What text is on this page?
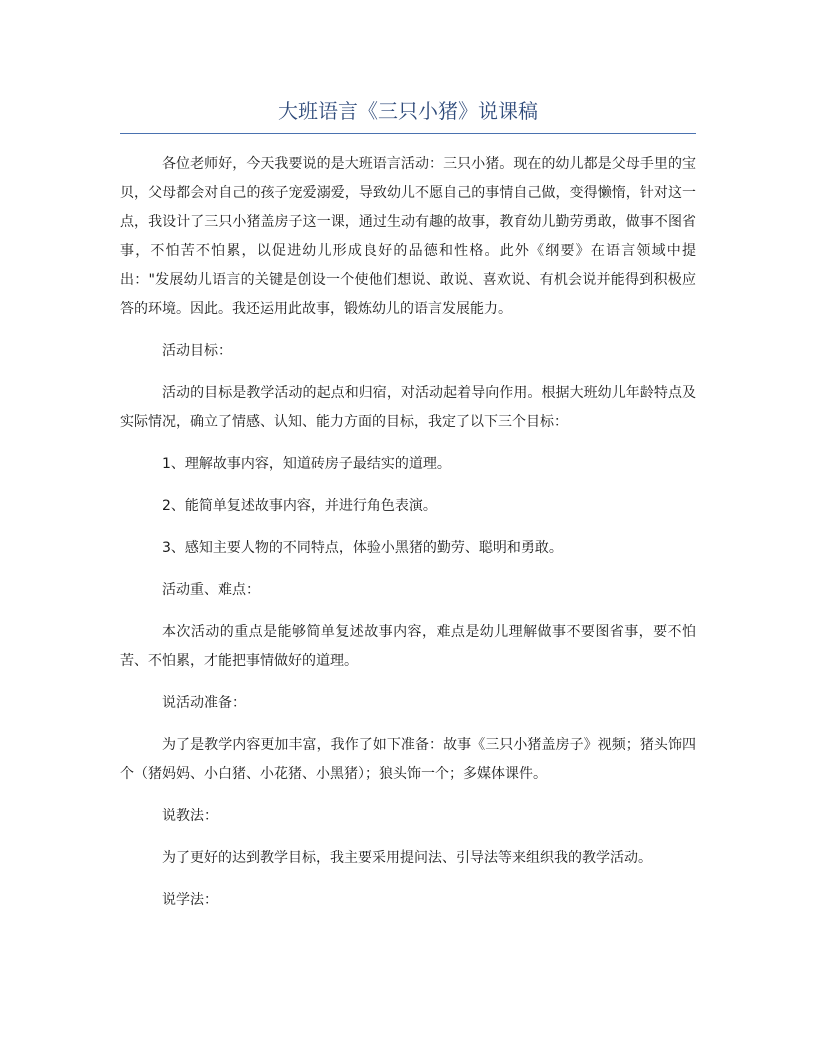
大班语言《三只小猪》说课稿

各位老师好，今天我要说的是大班语言活动：三只小猪。现在的幼儿都是父母手里的宝贝，父母都会对自己的孩子宠爱溺爱，导致幼儿不愿自己的事情自己做，变得懒惰，针对这一点，我设计了三只小猪盖房子这一课，通过生动有趣的故事，教育幼儿勤劳勇敢，做事不图省事，不怕苦不怕累，以促进幼儿形成良好的品德和性格。此外《纲要》在语言领域中提出："发展幼儿语言的关键是创设一个使他们想说、敢说、喜欢说、有机会说并能得到积极应答的环境。因此。我还运用此故事，锻炼幼儿的语言发展能力。

活动目标：

活动的目标是教学活动的起点和归宿，对活动起着导向作用。根据大班幼儿年龄特点及实际情况，确立了情感、认知、能力方面的目标，我定了以下三个目标：

1、理解故事内容，知道砖房子最结实的道理。

2、能简单复述故事内容，并进行角色表演。

3、感知主要人物的不同特点，体验小黑猪的勤劳、聪明和勇敢。

活动重、难点：

本次活动的重点是能够简单复述故事内容，难点是幼儿理解做事不要图省事，要不怕苦、不怕累，才能把事情做好的道理。

说活动准备：

为了是教学内容更加丰富，我作了如下准备：故事《三只小猪盖房子》视频；猪头饰四个（猪妈妈、小白猪、小花猪、小黑猪）；狼头饰一个；多媒体课件。

说教法：

为了更好的达到教学目标，我主要采用提问法、引导法等来组织我的教学活动。

说学法：
